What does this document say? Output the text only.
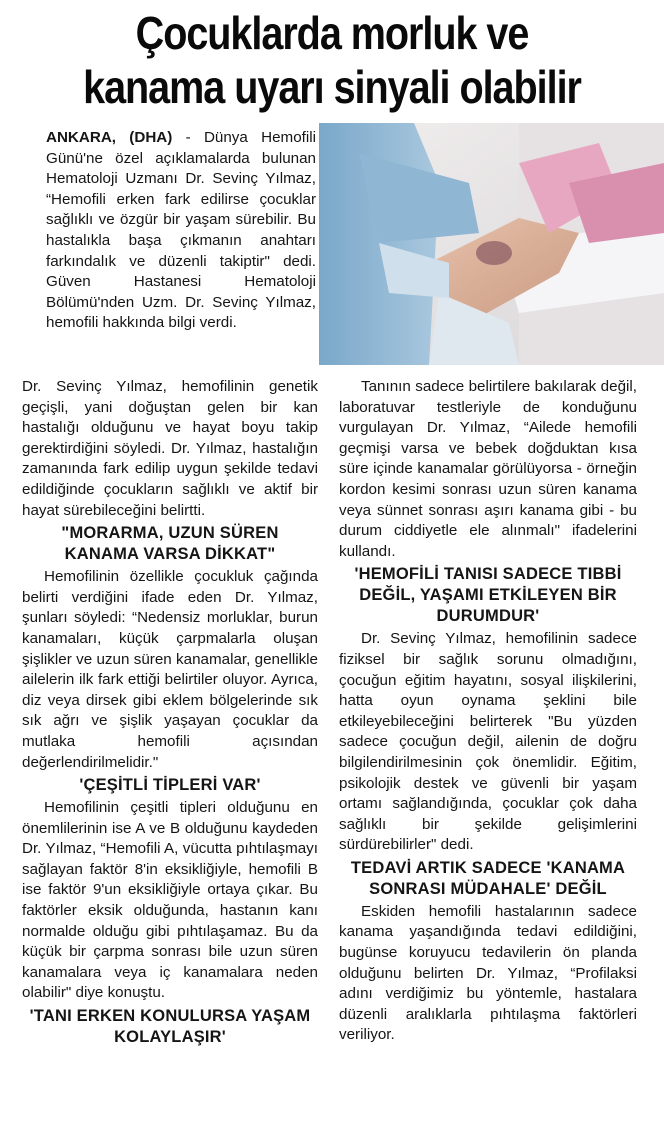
Çocuklarda morluk ve
kanama uyarı sinyali olabilir

ANKARA, (DHA) - Dünya Hemofili Günü'ne özel açıklamalarda bulunan Hematoloji Uzmanı Dr. Sevinç Yılmaz, “Hemofili erken fark edilirse çocuklar sağlıklı ve özgür bir yaşam sürebilir. Bu hastalıkla başa çıkmanın anahtarı farkındalık ve düzenli takiptir" dedi. Güven Hastanesi Hematoloji Bölümü'nden Uzm. Dr. Sevinç Yılmaz, hemofili hakkında bilgi verdi.

Dr. Sevinç Yılmaz, hemofilinin genetik geçişli, yani doğuştan gelen bir kan hastalığı olduğunu ve hayat boyu takip gerektirdiğini söyledi. Dr. Yılmaz, hastalığın zamanında fark edilip uygun şekilde tedavi edildiğinde çocukların sağlıklı ve aktif bir hayat sürebileceğini belirtti.

"MORARMA, UZUN SÜREN KANAMA VARSA DİKKAT"

Hemofilinin özellikle çocukluk çağında belirti verdiğini ifade eden Dr. Yılmaz, şunları söyledi: “Nedensiz morluklar, burun kanamaları, küçük çarpmalarla oluşan şişlikler ve uzun süren kanamalar, genellikle ailelerin ilk fark ettiği belirtiler oluyor. Ayrıca, diz veya dirsek gibi eklem bölgelerinde sık sık ağrı ve şişlik yaşayan çocuklar da mutlaka hemofili açısından değerlendirilmelidir."

'ÇEŞİTLİ TİPLERİ VAR'

Hemofilinin çeşitli tipleri olduğunu en önemlilerinin ise A ve B olduğunu kaydeden Dr. Yılmaz, “Hemofili A, vücutta pıhtılaşmayı sağlayan faktör 8'in eksikliğiyle, hemofili B ise faktör 9'un eksikliğiyle ortaya çıkar. Bu faktörler eksik olduğunda, hastanın kanı normalde olduğu gibi pıhtılaşamaz. Bu da küçük bir çarpma sonrası bile uzun süren kanamalara veya iç kanamalara neden olabilir" diye konuştu.

'TANI ERKEN KONULURSA YAŞAM KOLAYLAŞIR'

Tanının sadece belirtilere bakılarak değil, laboratuvar testleriyle de konduğunu vurgulayan Dr. Yılmaz, “Ailede hemofili geçmişi varsa ve bebek doğduktan kısa süre içinde kanamalar görülüyorsa - örneğin kordon kesimi sonrası uzun süren kanama veya sünnet sonrası aşırı kanama gibi - bu durum ciddiyetle ele alınmalı" ifadelerini kullandı.

'HEMOFİLİ TANISI SADECE TIBBİ DEĞİL, YAŞAMI ETKİLEYEN BİR DURUMDUR'

Dr. Sevinç Yılmaz, hemofilinin sadece fiziksel bir sağlık sorunu olmadığını, çocuğun eğitim hayatını, sosyal ilişkilerini, hatta oyun oynama şeklini bile etkileyebileceğini belirterek "Bu yüzden sadece çocuğun değil, ailenin de doğru bilgilendirilmesinin çok önemlidir. Eğitim, psikolojik destek ve güvenli bir yaşam ortamı sağlandığında, çocuklar çok daha sağlıklı bir şekilde gelişimlerini sürdürebilirler" dedi.

TEDAVİ ARTIK SADECE 'KANAMA SONRASI MÜDAHALE' DEĞİL

Eskiden hemofili hastalarının sadece kanama yaşandığında tedavi edildiğini, bugünse koruyucu tedavilerin ön planda olduğunu belirten Dr. Yılmaz, “Profilaksi adını verdiğimiz bu yöntemle, hastalara düzenli aralıklarla pıhtılaşma faktörleri veriliyor.
